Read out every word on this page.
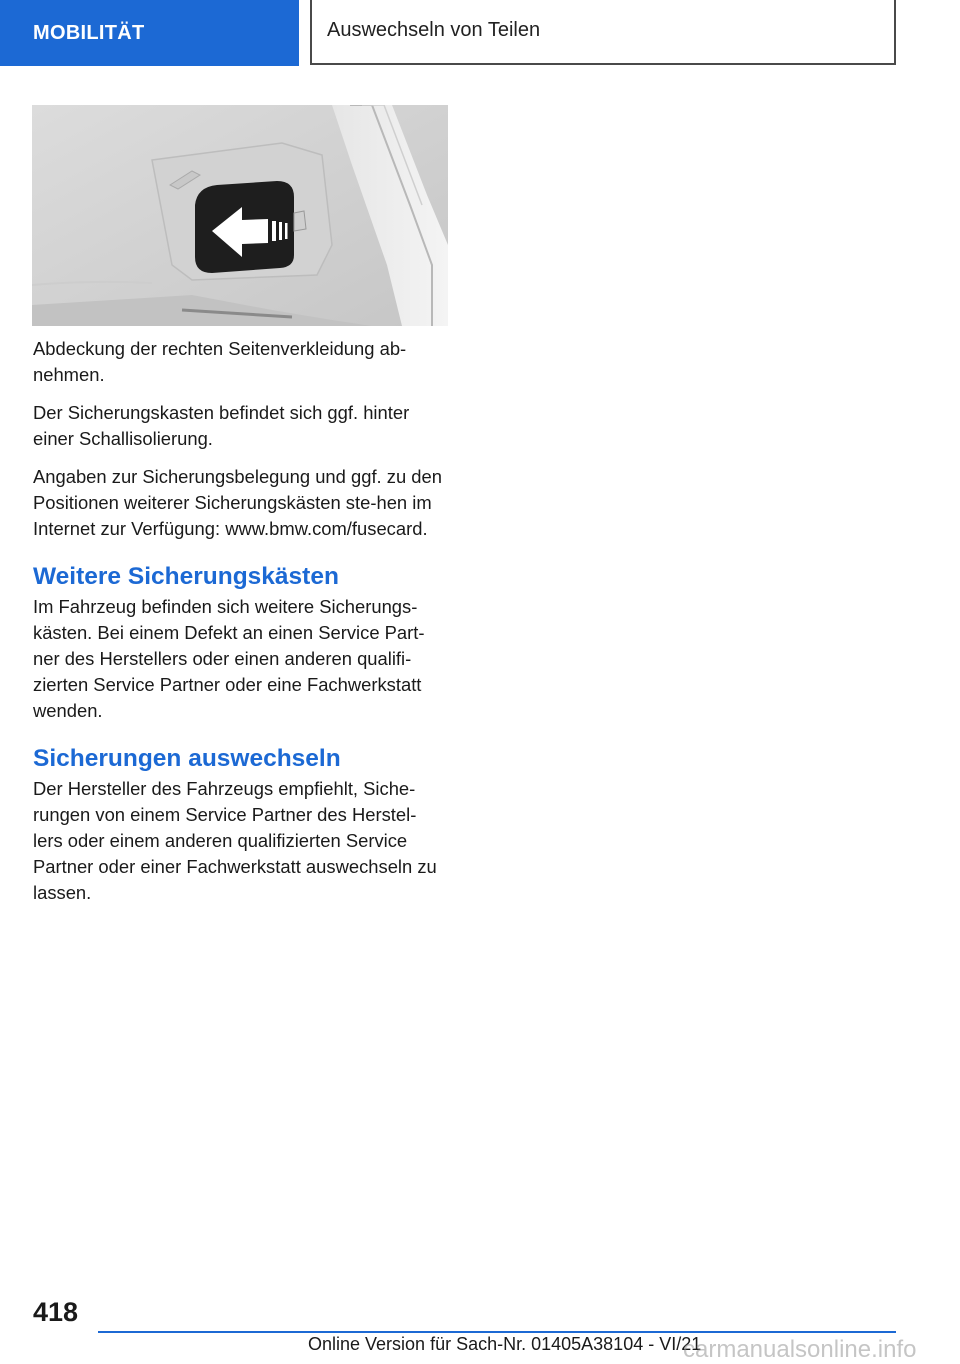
MOBILITÄT	Auswechseln von Teilen

Abdeckung der rechten Seitenverkleidung ab‐nehmen.

Der Sicherungskasten befindet sich ggf. hinter einer Schallisolierung.

Angaben zur Sicherungsbelegung und ggf. zu den Positionen weiterer Sicherungskästen ste‐hen im Internet zur Verfügung: www.bmw.com/fusecard.

Weitere Sicherungskästen

Im Fahrzeug befinden sich weitere Sicherungs‐kästen. Bei einem Defekt an einen Service Part‐ner des Herstellers oder einen anderen qualifi‐zierten Service Partner oder eine Fachwerkstatt wenden.

Sicherungen auswechseln

Der Hersteller des Fahrzeugs empfiehlt, Siche‐rungen von einem Service Partner des Herstel‐lers oder einem anderen qualifizierten Service Partner oder einer Fachwerkstatt auswechseln zu lassen.

418
Online Version für Sach-Nr. 01405A38104 - VI/21
carmanualsonline.info
